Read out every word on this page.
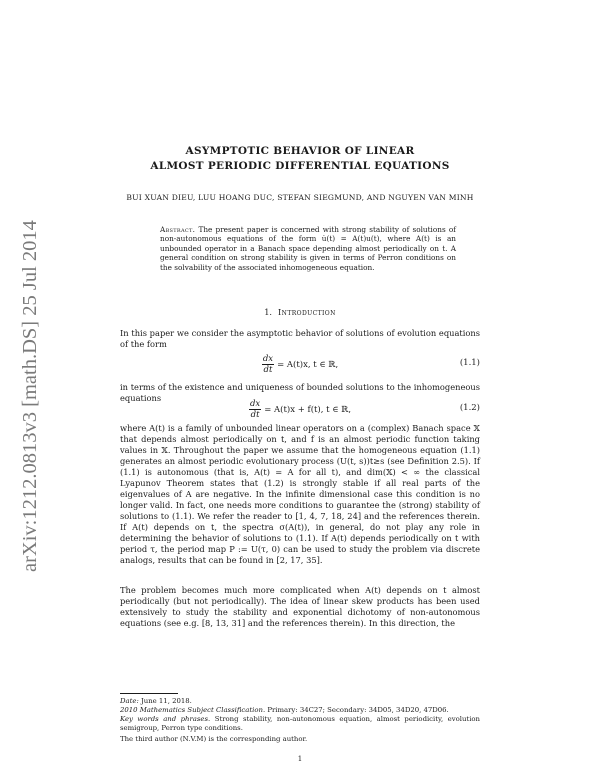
arXiv:1212.0813v3 [math.DS] 25 Jul 2014
ASYMPTOTIC BEHAVIOR OF LINEAR
ALMOST PERIODIC DIFFERENTIAL EQUATIONS
BUI XUAN DIEU, LUU HOANG DUC, STEFAN SIEGMUND, AND NGUYEN VAN MINH
Abstract. The present paper is concerned with strong stability of solutions of non-autonomous equations of the form u̇(t) = A(t)u(t), where A(t) is an unbounded operator in a Banach space depending almost periodically on t. A general condition on strong stability is given in terms of Perron conditions on the solvability of the associated inhomogeneous equation.
1. Introduction
In this paper we consider the asymptotic behavior of solutions of evolution equations of the form
$\frac{dx}{dt} = A(t)x$, t ∈ ℝ,	(1.1)
in terms of the existence and uniqueness of bounded solutions to the inhomogeneous equations
$\frac{dx}{dt} = A(t)x + f(t)$, t ∈ ℝ,	(1.2)
where A(t) is a family of unbounded linear operators on a (complex) Banach space 𝕏 that depends almost periodically on t, and f is an almost periodic function taking values in 𝕏. Throughout the paper we assume that the homogeneous equation (1.1) generates an almost periodic evolutionary process (U(t, s))t≥s (see Definition 2.5). If (1.1) is autonomous (that is, A(t) = A for all t), and dim(𝕏) < ∞ the classical Lyapunov Theorem states that (1.2) is strongly stable if all real parts of the eigenvalues of A are negative. In the infinite dimensional case this condition is no longer valid. In fact, one needs more conditions to guarantee the (strong) stability of solutions to (1.1). We refer the reader to [1, 4, 7, 18, 24] and the references therein. If A(t) depends on t, the spectra σ(A(t)), in general, do not play any role in determining the behavior of solutions to (1.1). If A(t) depends periodically on t with period τ, the period map P := U(τ, 0) can be used to study the problem via discrete analogs, results that can be found in [2, 17, 35].
The problem becomes much more complicated when A(t) depends on t almost periodically (but not periodically). The idea of linear skew products has been used extensively to study the stability and exponential dichotomy of non-autonomous equations (see e.g. [8, 13, 31] and the references therein). In this direction, the
Date: June 11, 2018.
2010 Mathematics Subject Classification. Primary: 34C27; Secondary: 34D05, 34D20, 47D06.
Key words and phrases. Strong stability, non-autonomous equation, almost periodicity, evolution semigroup, Perron type conditions.
The third author (N.V.M) is the corresponding author.
1
